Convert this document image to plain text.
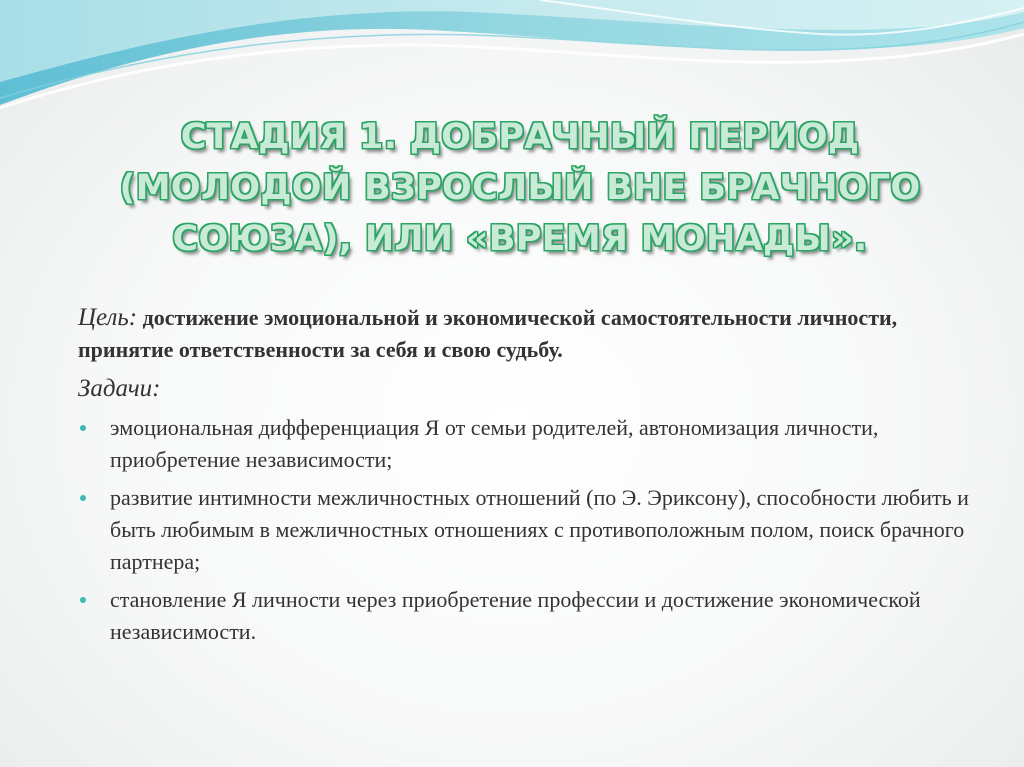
СТАДИЯ 1. ДОБРАЧНЫЙ ПЕРИОД (МОЛОДОЙ ВЗРОСЛЫЙ ВНЕ БРАЧНОГО СОЮЗА), ИЛИ «ВРЕМЯ МОНАДЫ».

Цель: достижение эмоциональной и экономической самостоятельности личности, принятие ответственности за себя и свою судьбу.

Задачи:
эмоциональная дифференциация Я от семьи родителей, автономизация личности, приобретение независимости;
развитие интимности межличностных отношений (по Э. Эриксону), способности любить и быть любимым в межличностных отношениях с противоположным полом, поиск брачного партнера;
становление Я личности через приобретение профессии и достижение экономической независимости.
